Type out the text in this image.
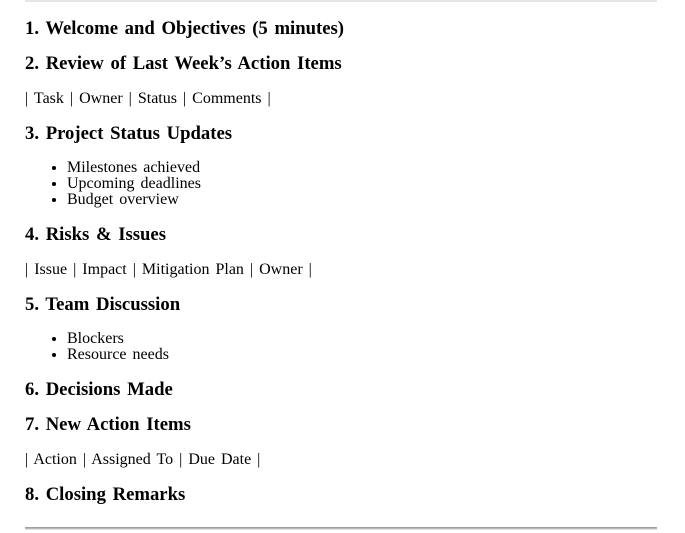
1. Welcome and Objectives (5 minutes)
2. Review of Last Week’s Action Items

| Task | Owner | Status | Comments |

3. Project Status Updates
• Milestones achieved
• Upcoming deadlines
• Budget overview
4. Risks & Issues

| Issue | Impact | Mitigation Plan | Owner |

5. Team Discussion
• Blockers
• Resource needs
6. Decisions Made
7. New Action Items

| Action | Assigned To | Due Date |

8. Closing Remarks
